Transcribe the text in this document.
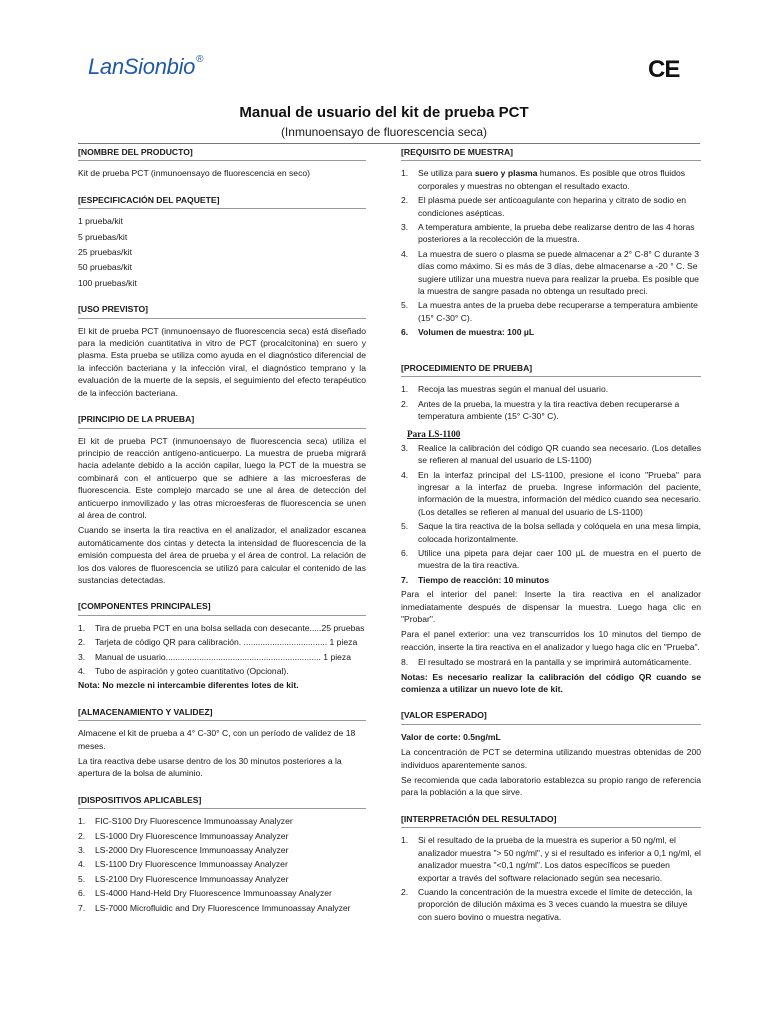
LanSionbio®	CE
Manual de usuario del kit de prueba PCT
(Inmunoensayo de fluorescencia seca)
[NOMBRE DEL PRODUCTO]

Kit de prueba PCT (inmunoensayo de fluorescencia en seco)

[ESPECIFICACIÓN DEL PAQUETE]

1 prueba/kit

5 pruebas/kit

25 pruebas/kit

50 pruebas/kit

100 pruebas/kit

[USO PREVISTO]

El kit de prueba PCT (inmunoensayo de fluorescencia seca) está diseñado para la medición cuantitativa in vitro de PCT (procalcitonina) en suero y plasma. Esta prueba se utiliza como ayuda en el diagnóstico diferencial de la infección bacteriana y la infección viral, el diagnóstico temprano y la evaluación de la muerte de la sepsis, el seguimiento del efecto terapéutico de la infección bacteriana.

[PRINCIPIO DE LA PRUEBA]

El kit de prueba PCT (inmunoensayo de fluorescencia seca) utiliza el principio de reacción antígeno-anticuerpo. La muestra de prueba migrará hacia adelante debido a la acción capilar, luego la PCT de la muestra se combinará con el anticuerpo que se adhiere a las microesferas de fluorescencia. Este complejo marcado se une al área de detección del anticuerpo inmovilizado y las otras microesferas de fluorescencia se unen al área de control.

Cuando se inserta la tira reactiva en el analizador, el analizador escanea automáticamente dos cintas y detecta la intensidad de fluorescencia de la emisión compuesta del área de prueba y el área de control. La relación de los dos valores de fluorescencia se utilizó para calcular el contenido de las sustancias detectadas.

[COMPONENTES PRINCIPALES]
1. Tira de prueba PCT en una bolsa sellada con desecante.....25 pruebas
2. Tarjeta de código QR para calibración. ................................... 1 pieza
3. Manual de usuario................................................................. 1 pieza
4. Tubo de aspiración y goteo cuantitativo (Opcional).

Nota: No mezcle ni intercambie diferentes lotes de kit.

[ALMACENAMIENTO Y VALIDEZ]

Almacene el kit de prueba a 4° C-30° C, con un período de validez de 18 meses.

La tira reactiva debe usarse dentro de los 30 minutos posteriores a la apertura de la bolsa de aluminio.

[DISPOSITIVOS APLICABLES]
1. FIC-S100 Dry Fluorescence Immunoassay Analyzer
2. LS-1000 Dry Fluorescence Immunoassay Analyzer
3. LS-2000 Dry Fluorescence Immunoassay Analyzer
4. LS-1100 Dry Fluorescence Immunoassay Analyzer
5. LS-2100 Dry Fluorescence Immunoassay Analyzer
6. LS-4000 Hand-Held Dry Fluorescence Immunoassay Analyzer
7. LS-7000 Microfluidic and Dry Fluorescence Immunoassay Analyzer
[REQUISITO DE MUESTRA]
1. Se utiliza para suero y plasma humanos. Es posible que otros fluidos corporales y muestras no obtengan el resultado exacto.
2. El plasma puede ser anticoagulante con heparina y citrato de sodio en condiciones asépticas.
3. A temperatura ambiente, la prueba debe realizarse dentro de las 4 horas posteriores a la recolección de la muestra.
4. La muestra de suero o plasma se puede almacenar a 2° C-8° C durante 3 días como máximo. Si es más de 3 días, debe almacenarse a -20 ° C. Se sugiere utilizar una muestra nueva para realizar la prueba. Es posible que la muestra de sangre pasada no obtenga un resultado preci.
5. La muestra antes de la prueba debe recuperarse a temperatura ambiente (15° C-30° C).
6. Volumen de muestra: 100 µL
[PROCEDIMIENTO DE PRUEBA]
1. Recoja las muestras según el manual del usuario.
2. Antes de la prueba, la muestra y la tira reactiva deben recuperarse a temperatura ambiente (15° C-30° C).
Para LS-1100
3. Realice la calibración del código QR cuando sea necesario. (Los detalles se refieren al manual del usuario de LS-1100)
4. En la interfaz principal del LS-1100, presione el icono "Prueba" para ingresar a la interfaz de prueba. Ingrese información del paciente, información de la muestra, información del médico cuando sea necesario. (Los detalles se refieren al manual del usuario de LS-1100)
5. Saque la tira reactiva de la bolsa sellada y colóquela en una mesa limpia, colocada horizontalmente.
6. Utilice una pipeta para dejar caer 100 µL de muestra en el puerto de muestra de la tira reactiva.
7. Tiempo de reacción: 10 minutos

Para el interior del panel: Inserte la tira reactiva en el analizador inmediatamente después de dispensar la muestra. Luego haga clic en "Probar".

Para el panel exterior: una vez transcurridos los 10 minutos del tiempo de reacción, inserte la tira reactiva en el analizador y luego haga clic en "Prueba".

8. El resultado se mostrará en la pantalla y se imprimirá automáticamente.

Notas: Es necesario realizar la calibración del código QR cuando se comienza a utilizar un nuevo lote de kit.

[VALOR ESPERADO]

Valor de corte: 0.5ng/mL

La concentración de PCT se determina utilizando muestras obtenidas de 200 individuos aparentemente sanos.

Se recomienda que cada laboratorio establezca su propio rango de referencia para la población a la que sirve.

[INTERPRETACIÓN DEL RESULTADO]
1. Si el resultado de la prueba de la muestra es superior a 50 ng/ml, el analizador muestra "> 50 ng/ml", y si el resultado es inferior a 0,1 ng/ml, el analizador muestra "<0,1 ng/ml". Los datos específicos se pueden exportar a través del software relacionado según sea necesario.
2. Cuando la concentración de la muestra excede el límite de detección, la proporción de dilución máxima es 3 veces cuando la muestra se diluye con suero bovino o muestra negativa.
